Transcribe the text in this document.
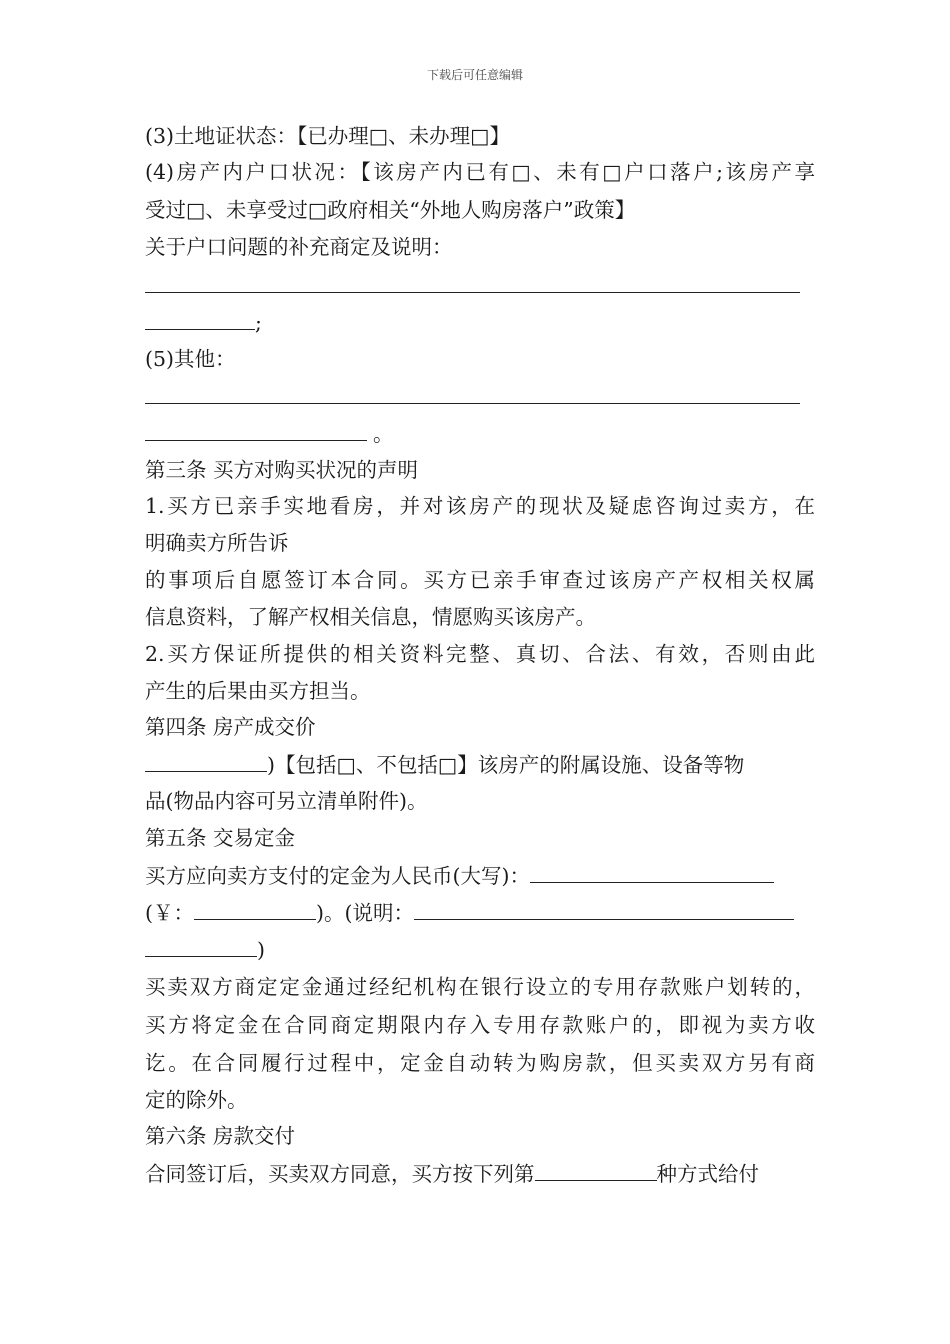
下载后可任意编辑
(3)土地证状态：【已办理□、未办理□】
(4)房产内户口状况：【该房产内已有□、未有□户口落户;该房产享
受过□、未享受过□政府相关“外地人购房落户”政策】
关于户口问题的补充商定及说明：
;
(5)其他：
。
第三条 买方对购买状况的声明
1.买方已亲手实地看房，并对该房产的现状及疑虑咨询过卖方，在
明确卖方所告诉
的事项后自愿签订本合同。买方已亲手审查过该房产产权相关权属
信息资料，了解产权相关信息，情愿购买该房产。
2.买方保证所提供的相关资料完整、真切、合法、有效，否则由此
产生的后果由买方担当。
第四条 房产成交价
)【包括□、不包括□】该房产的附属设施、设备等物
品(物品内容可另立清单附件)。
第五条 交易定金
买方应向卖方支付的定金为人民币(大写)：
(￥：	)。(说明：
)
买卖双方商定定金通过经纪机构在银行设立的专用存款账户划转的，
买方将定金在合同商定期限内存入专用存款账户的，即视为卖方收
讫。在合同履行过程中，定金自动转为购房款，但买卖双方另有商
定的除外。
第六条 房款交付
合同签订后，买卖双方同意，买方按下列第	种方式给付
